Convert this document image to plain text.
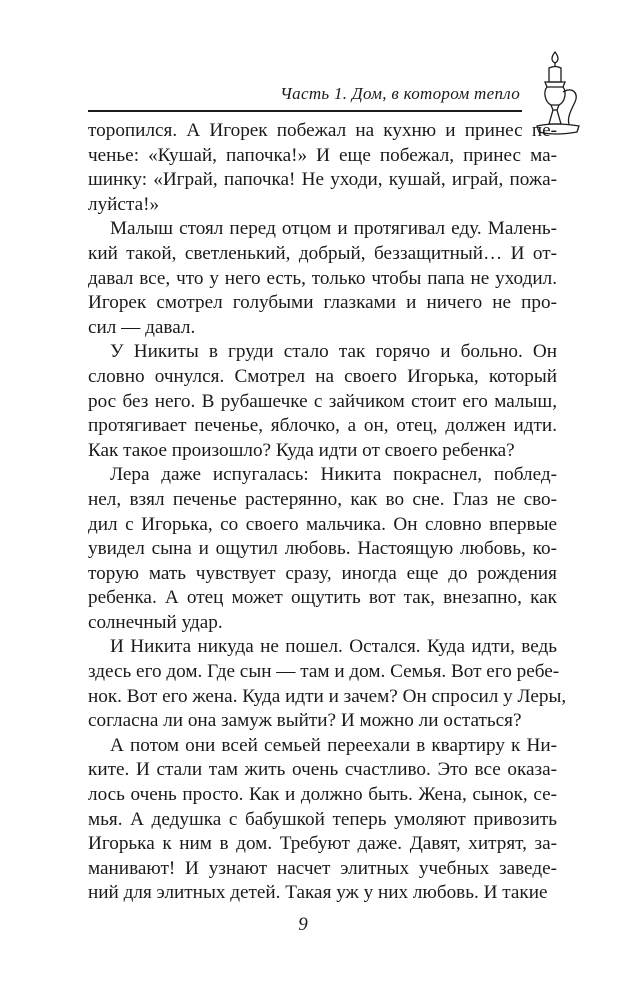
Часть 1. Дом, в котором тепло
торопился. А Игорек побежал на кухню и принес пе-
ченье: «Кушай, папочка!» И еще побежал, принес ма-
шинку: «Играй, папочка! Не уходи, кушай, играй, пожа-
луйста!»
Малыш стоял перед отцом и протягивал еду. Малень-
кий такой, светленький, добрый, беззащитный… И от-
давал все, что у него есть, только чтобы папа не уходил.
Игорек смотрел голубыми глазками и ничего не про-
сил — давал.
У Никиты в груди стало так горячо и больно. Он
словно очнулся. Смотрел на своего Игорька, который
рос без него. В рубашечке с зайчиком стоит его малыш,
протягивает печенье, яблочко, а он, отец, должен идти.
Как такое произошло? Куда идти от своего ребенка?
Лера даже испугалась: Никита покраснел, поблед-
нел, взял печенье растерянно, как во сне. Глаз не сво-
дил с Игорька, со своего мальчика. Он словно впервые
увидел сына и ощутил любовь. Настоящую любовь, ко-
торую мать чувствует сразу, иногда еще до рождения
ребенка. А отец может ощутить вот так, внезапно, как
солнечный удар.
И Никита никуда не пошел. Остался. Куда идти, ведь
здесь его дом. Где сын — там и дом. Семья. Вот его ребе-
нок. Вот его жена. Куда идти и зачем? Он спросил у Леры,
согласна ли она замуж выйти? И можно ли остаться?
А потом они всей семьей переехали в квартиру к Ни-
ките. И стали там жить очень счастливо. Это все оказа-
лось очень просто. Как и должно быть. Жена, сынок, се-
мья. А дедушка с бабушкой теперь умоляют привозить
Игорька к ним в дом. Требуют даже. Давят, хитрят, за-
манивают! И узнают насчет элитных учебных заведе-
ний для элитных детей. Такая уж у них любовь. И такие
9
